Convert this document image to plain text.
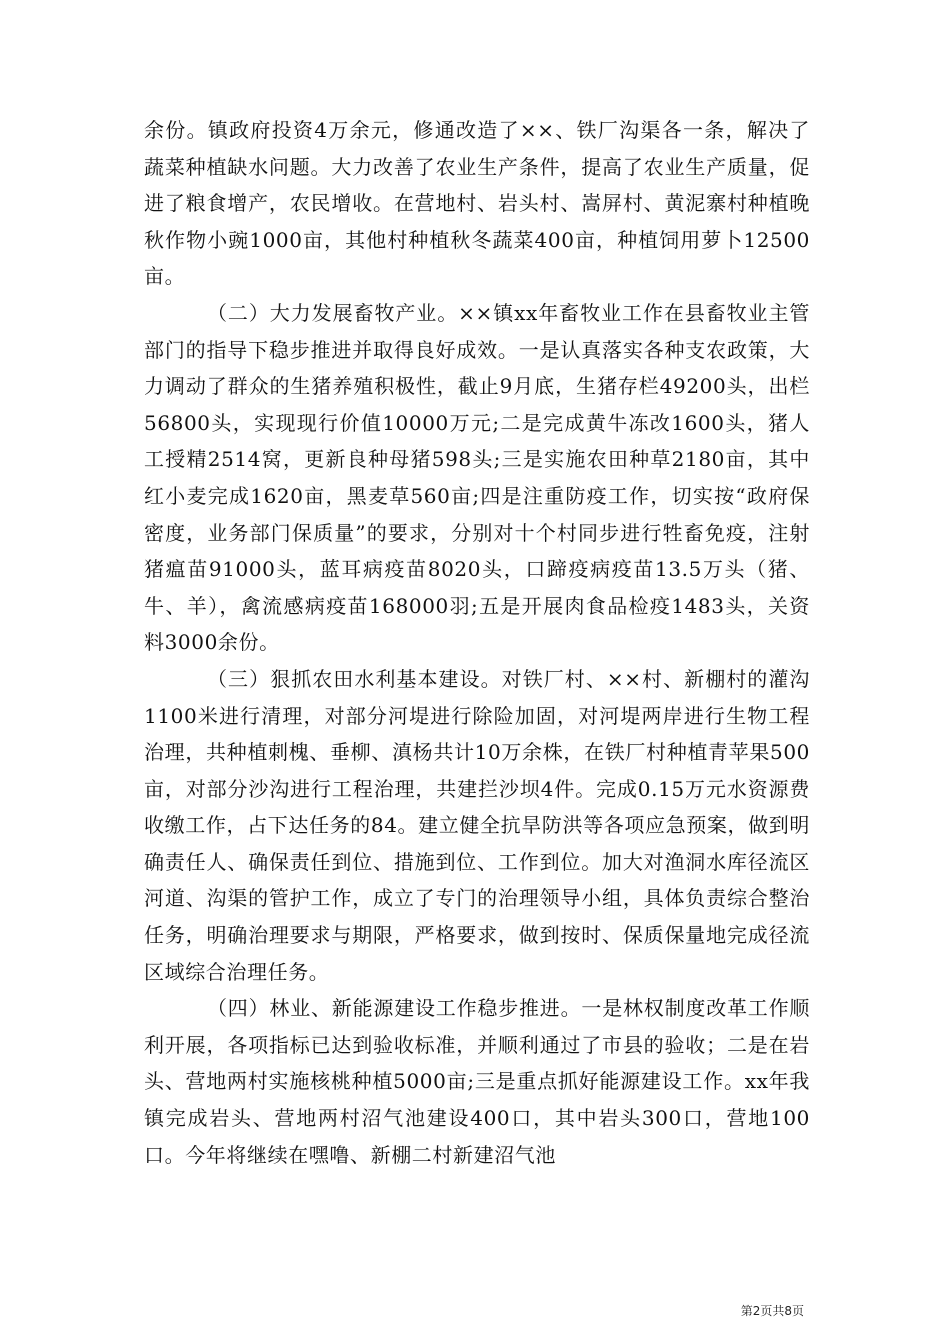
余份。镇政府投资4万余元，修通改造了××、铁厂沟渠各一条，解决了蔬菜种植缺水问题。大力改善了农业生产条件，提高了农业生产质量，促进了粮食增产，农民增收。在营地村、岩头村、嵩屏村、黄泥寨村种植晚秋作物小豌1000亩，其他村种植秋冬蔬菜400亩，种植饲用萝卜12500亩。

（二）大力发展畜牧产业。××镇xx年畜牧业工作在县畜牧业主管部门的指导下稳步推进并取得良好成效。一是认真落实各种支农政策，大力调动了群众的生猪养殖积极性，截止9月底，生猪存栏49200头，出栏56800头，实现现行价值10000万元;二是完成黄牛冻改1600头，猪人工授精2514窝，更新良种母猪598头;三是实施农田种草2180亩，其中红小麦完成1620亩，黑麦草560亩;四是注重防疫工作，切实按“政府保密度，业务部门保质量”的要求，分别对十个村同步进行牲畜免疫，注射猪瘟苗91000头，蓝耳病疫苗8020头，口蹄疫病疫苗13.5万头（猪、牛、羊），禽流感病疫苗168000羽;五是开展肉食品检疫1483头，关资料3000余份。

（三）狠抓农田水利基本建设。对铁厂村、××村、新棚村的灌沟1100米进行清理，对部分河堤进行除险加固，对河堤两岸进行生物工程治理，共种植刺槐、垂柳、滇杨共计10万余株，在铁厂村种植青苹果500亩，对部分沙沟进行工程治理，共建拦沙坝4件。完成0.15万元水资源费收缴工作，占下达任务的84。建立健全抗旱防洪等各项应急预案，做到明确责任人、确保责任到位、措施到位、工作到位。加大对渔洞水库径流区河道、沟渠的管护工作，成立了专门的治理领导小组，具体负责综合整治任务，明确治理要求与期限，严格要求，做到按时、保质保量地完成径流区域综合治理任务。

（四）林业、新能源建设工作稳步推进。一是林权制度改革工作顺利开展，各项指标已达到验收标准，并顺利通过了市县的验收；二是在岩头、营地两村实施核桃种植5000亩;三是重点抓好能源建设工作。xx年我镇完成岩头、营地两村沼气池建设400口，其中岩头300口，营地100口。今年将继续在嘿噜、新棚二村新建沼气池

第2页共8页
